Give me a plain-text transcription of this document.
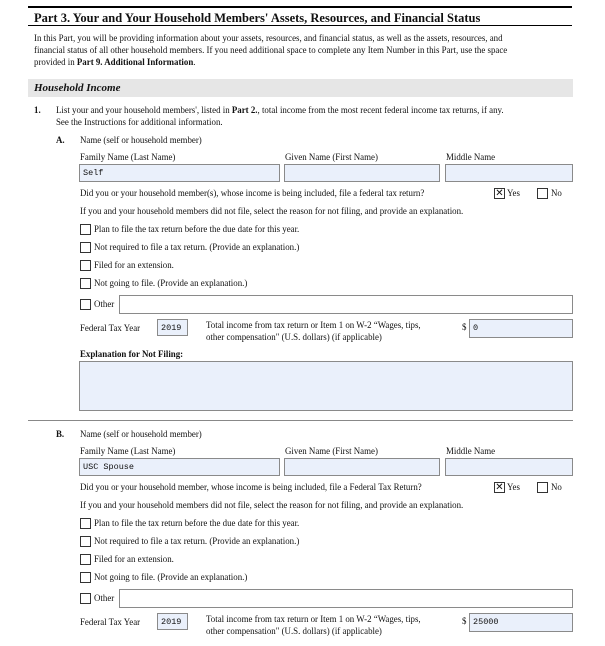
Part 3. Your and Your Household Members' Assets, Resources, and Financial Status
In this Part, you will be providing information about your assets, resources, and financial status, as well as the assets, resources, and
financial status of all other household members. If you need additional space to complete any Item Number in this Part, use the space
provided in Part 9. Additional Information.
Household Income
1. List your and your household members', listed in Part 2., total income from the most recent federal income tax returns, if any.
See the Instructions for additional information.
A. Name (self or household member)
Family Name (Last Name)	Given Name (First Name)	Middle Name
Self
Did you or your household member(s), whose income is being included, file a federal tax return?	✕ Yes	No
If you and your household members did not file, select the reason for not filing, and provide an explanation.
Plan to file the tax return before the due date for this year.
Not required to file a tax return. (Provide an explanation.)
Filed for an extension.
Not going to file. (Provide an explanation.)
Other
Federal Tax Year	2019	Total income from tax return or Item 1 on W-2 “Wages, tips,
other compensation" (U.S. dollars) (if applicable)
$ 0
Explanation for Not Filing:
B. Name (self or household member)
Family Name (Last Name)	Given Name (First Name)	Middle Name
USC Spouse
Did you or your household member, whose income is being included, file a Federal Tax Return?	✕ Yes	No
If you and your household members did not file, select the reason for not filing, and provide an explanation.
Plan to file the tax return before the due date for this year.
Not required to file a tax return. (Provide an explanation.)
Filed for an extension.
Not going to file. (Provide an explanation.)
Other
Federal Tax Year	2019	Total income from tax return or Item 1 on W-2 “Wages, tips,
other compensation" (U.S. dollars) (if applicable)
$ 25000
